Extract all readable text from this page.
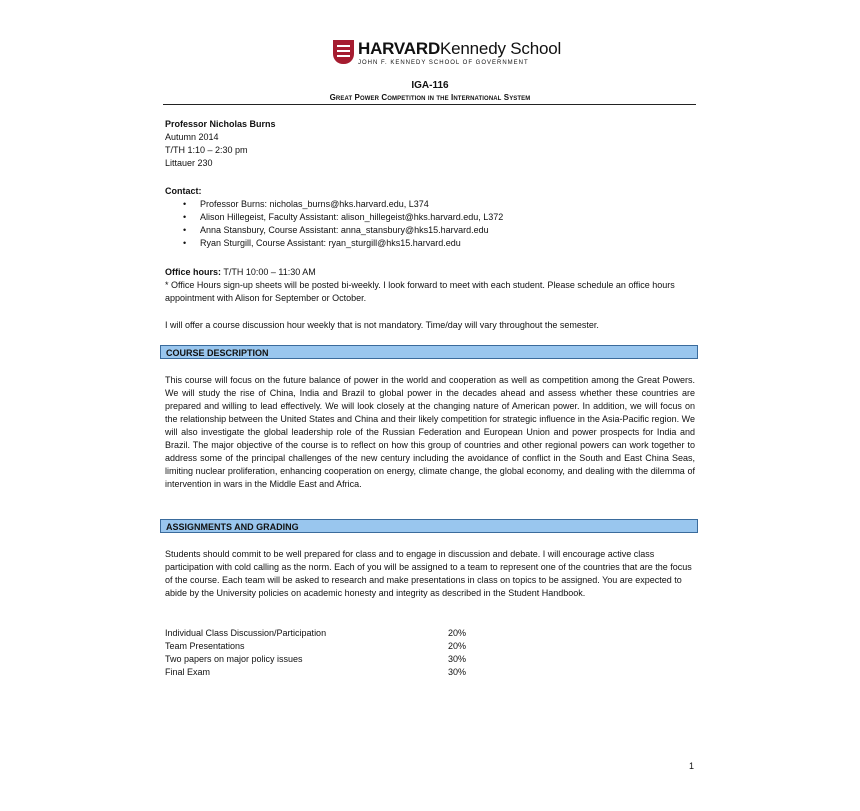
HARVARDKennedy School
JOHN F. KENNEDY SCHOOL OF GOVERNMENT
IGA-116
Great Power Competition in the International System

Professor Nicholas Burns

Autumn 2014

T/TH 1:10 – 2:30 pm

Littauer 230

Contact:
• Professor Burns: nicholas_burns@hks.harvard.edu, L374
• Alison Hillegeist, Faculty Assistant: alison_hillegeist@hks.harvard.edu, L372
• Anna Stansbury, Course Assistant: anna_stansbury@hks15.harvard.edu
• Ryan Sturgill, Course Assistant: ryan_sturgill@hks15.harvard.edu

Office hours: T/TH 10:00 – 11:30 AM

* Office Hours sign-up sheets will be posted bi-weekly. I look forward to meet with each student. Please schedule an office hours appointment with Alison for September or October.

I will offer a course discussion hour weekly that is not mandatory. Time/day will vary throughout the semester.
COURSE DESCRIPTION
This course will focus on the future balance of power in the world and cooperation as well as competition among the Great Powers. We will study the rise of China, India and Brazil to global power in the decades ahead and assess whether these countries are prepared and willing to lead effectively. We will look closely at the changing nature of American power. In addition, we will focus on the relationship between the United States and China and their likely competition for strategic influence in the Asia-Pacific region. We will also investigate the global leadership role of the Russian Federation and European Union and power prospects for India and Brazil. The major objective of the course is to reflect on how this group of countries and other regional powers can work together to address some of the principal challenges of the new century including the avoidance of conflict in the South and East China Seas, limiting nuclear proliferation, enhancing cooperation on energy, climate change, the global economy, and dealing with the dilemma of intervention in wars in the Middle East and Africa.
ASSIGNMENTS AND GRADING
Students should commit to be well prepared for class and to engage in discussion and debate. I will encourage active class participation with cold calling as the norm. Each of you will be assigned to a team to represent one of the countries that are the focus of the course. Each team will be asked to research and make presentations in class on topics to be assigned. You are expected to abide by the University policies on academic honesty and integrity as described in the Student Handbook.
Individual Class Discussion/Participation	20%
Team Presentations	20%
Two papers on major policy issues	30%
Final Exam	30%
1
